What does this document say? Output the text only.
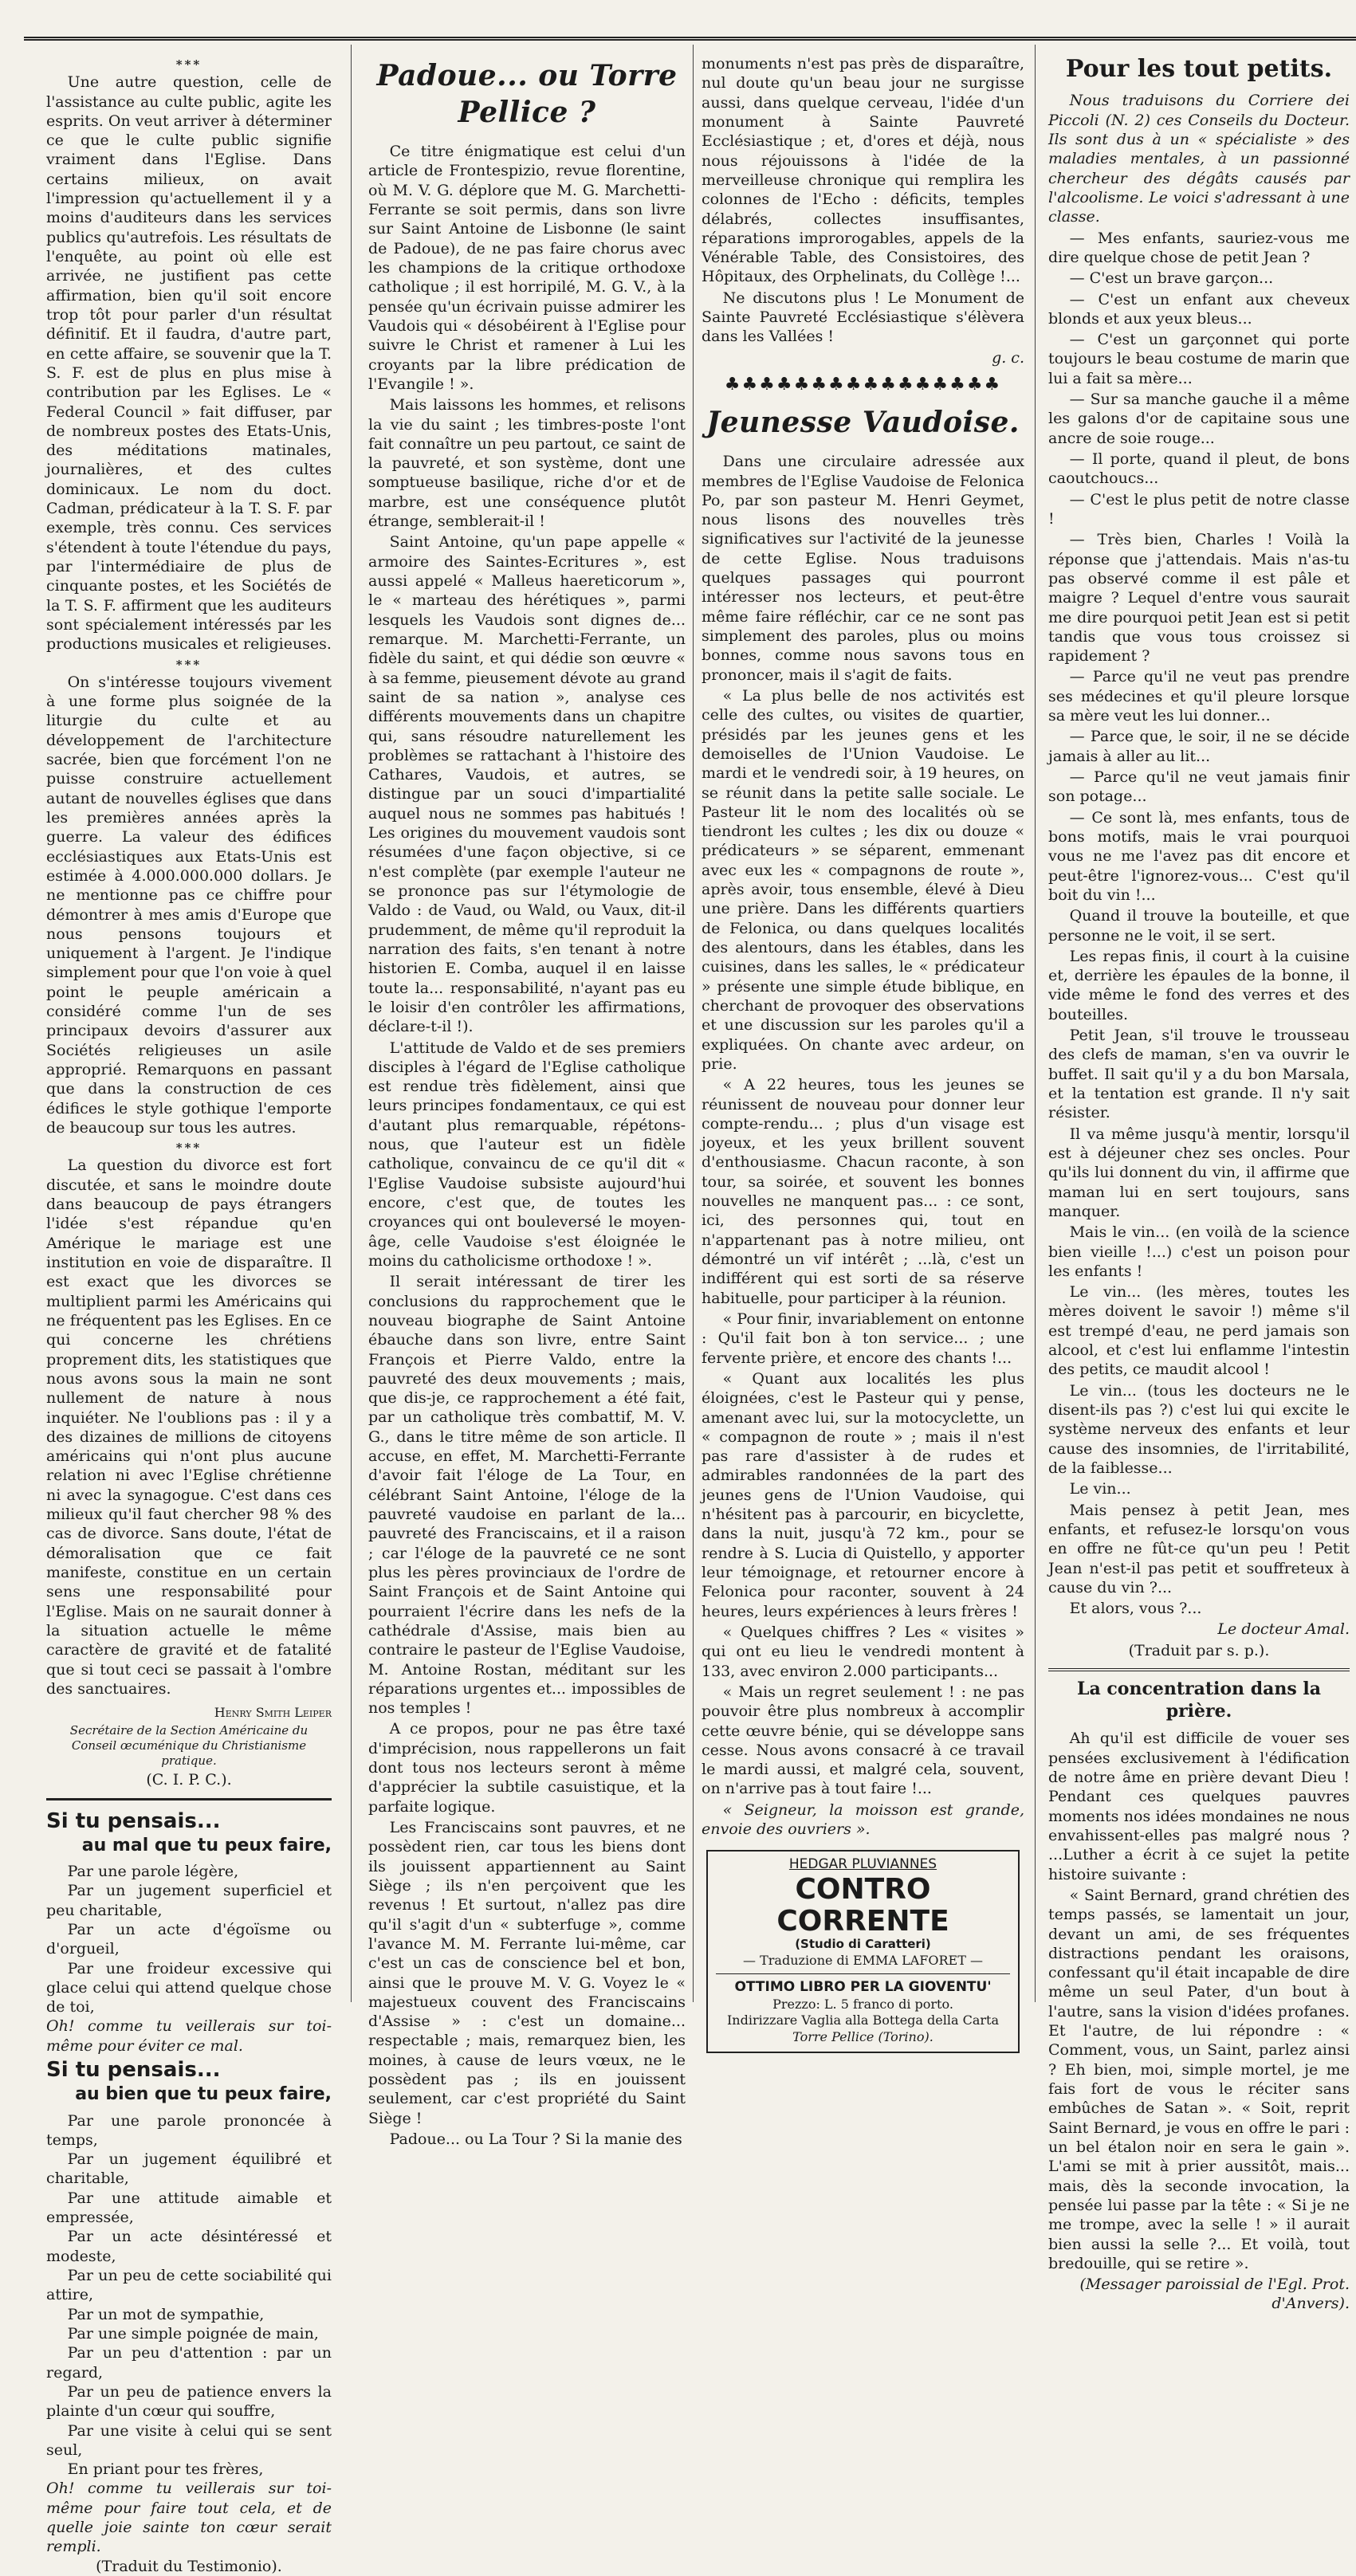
***

Une autre question, celle de l'assistance au culte public, agite les esprits. On veut arriver à déterminer ce que le culte public signifie vraiment dans l'Eglise. Dans certains milieux, on avait l'impression qu'actuellement il y a moins d'auditeurs dans les services publics qu'autrefois. Les résultats de l'enquête, au point où elle est arrivée, ne justifient pas cette affirmation, bien qu'il soit encore trop tôt pour parler d'un résultat définitif. Et il faudra, d'autre part, en cette affaire, se souvenir que la T. S. F. est de plus en plus mise à contribution par les Eglises. Le « Federal Council » fait diffuser, par de nombreux postes des Etats-Unis, des méditations matinales, journalières, et des cultes dominicaux. Le nom du doct. Cadman, prédicateur à la T. S. F. par exemple, très connu. Ces services s'étendent à toute l'étendue du pays, par l'intermédiaire de plus de cinquante postes, et les Sociétés de la T. S. F. affirment que les auditeurs sont spécialement intéressés par les productions musicales et religieuses.

***

On s'intéresse toujours vivement à une forme plus soignée de la liturgie du culte et au développement de l'architecture sacrée, bien que forcément l'on ne puisse construire actuellement autant de nouvelles églises que dans les premières années après la guerre. La valeur des édifices ecclésiastiques aux Etats-Unis est estimée à 4.000.000.000 dollars. Je ne mentionne pas ce chiffre pour démontrer à mes amis d'Europe que nous pensons toujours et uniquement à l'argent. Je l'indique simplement pour que l'on voie à quel point le peuple américain a considéré comme l'un de ses principaux devoirs d'assurer aux Sociétés religieuses un asile approprié. Remarquons en passant que dans la construction de ces édifices le style gothique l'emporte de beaucoup sur tous les autres.

***

La question du divorce est fort discutée, et sans le moindre doute dans beaucoup de pays étrangers l'idée s'est répandue qu'en Amérique le mariage est une institution en voie de disparaître. Il est exact que les divorces se multiplient parmi les Américains qui ne fréquentent pas les Eglises. En ce qui concerne les chrétiens proprement dits, les statistiques que nous avons sous la main ne sont nullement de nature à nous inquiéter. Ne l'oublions pas : il y a des dizaines de millions de citoyens américains qui n'ont plus aucune relation ni avec l'Eglise chrétienne ni avec la synagogue. C'est dans ces milieux qu'il faut chercher 98 % des cas de divorce. Sans doute, l'état de démoralisation que ce fait manifeste, constitue en un certain sens une responsabilité pour l'Eglise. Mais on ne saurait donner à la situation actuelle le même caractère de gravité et de fatalité que si tout ceci se passait à l'ombre des sanctuaires.

Henry Smith Leiper

Secrétaire de la Section Américaine du Conseil œcuménique du Christianisme pratique.

(C. I. P. C.).

Si tu pensais...

au mal que tu peux faire,

Par une parole légère,
Par un jugement superficiel et peu charitable,
Par un acte d'égoïsme ou d'orgueil,
Par une froideur excessive qui glace celui qui attend quelque chose de toi,
Oh! comme tu veillerais sur toi-même pour éviter ce mal.

Si tu pensais...

au bien que tu peux faire,

Par une parole prononcée à temps,
Par un jugement équilibré et charitable,
Par une attitude aimable et empressée,
Par un acte désintéressé et modeste,
Par un peu de cette sociabilité qui attire,
Par un mot de sympathie,
Par une simple poignée de main,
Par un peu d'attention : par un regard,
Par un peu de patience envers la plainte d'un cœur qui souffre,
Par une visite à celui qui se sent seul,
En priant pour tes frères,
Oh! comme tu veillerais sur toi-même pour faire tout cela, et de quelle joie sainte ton cœur serait rempli.

(Traduit du Testimonio).

Padoue... ou Torre Pellice ?

Ce titre énigmatique est celui d'un article de Frontespizio, revue florentine, où M. V. G. déplore que M. G. Marchetti-Ferrante se soit permis, dans son livre sur Saint Antoine de Lisbonne (le saint de Padoue), de ne pas faire chorus avec les champions de la critique orthodoxe catholique ; il est horripilé, M. G. V., à la pensée qu'un écrivain puisse admirer les Vaudois qui « désobéirent à l'Eglise pour suivre le Christ et ramener à Lui les croyants par la libre prédication de l'Evangile ! ».

Mais laissons les hommes, et relisons la vie du saint ; les timbres-poste l'ont fait connaître un peu partout, ce saint de la pauvreté, et son système, dont une somptueuse basilique, riche d'or et de marbre, est une conséquence plutôt étrange, semblerait-il !

Saint Antoine, qu'un pape appelle « armoire des Saintes-Ecritures », est aussi appelé « Malleus haereticorum », le « marteau des hérétiques », parmi lesquels les Vaudois sont dignes de... remarque. M. Marchetti-Ferrante, un fidèle du saint, et qui dédie son œuvre « à sa femme, pieusement dévote au grand saint de sa nation », analyse ces différents mouvements dans un chapitre qui, sans résoudre naturellement les problèmes se rattachant à l'histoire des Cathares, Vaudois, et autres, se distingue par un souci d'impartialité auquel nous ne sommes pas habitués ! Les origines du mouvement vaudois sont résumées d'une façon objective, si ce n'est complète (par exemple l'auteur ne se prononce pas sur l'étymologie de Valdo : de Vaud, ou Wald, ou Vaux, dit-il prudemment, de même qu'il reproduit la narration des faits, s'en tenant à notre historien E. Comba, auquel il en laisse toute la... responsabilité, n'ayant pas eu le loisir d'en contrôler les affirmations, déclare-t-il !).

L'attitude de Valdo et de ses premiers disciples à l'égard de l'Eglise catholique est rendue très fidèlement, ainsi que leurs principes fondamentaux, ce qui est d'autant plus remarquable, répétons-nous, que l'auteur est un fidèle catholique, convaincu de ce qu'il dit « l'Eglise Vaudoise subsiste aujourd'hui encore, c'est que, de toutes les croyances qui ont bouleversé le moyen-âge, celle Vaudoise s'est éloignée le moins du catholicisme orthodoxe ! ».

Il serait intéressant de tirer les conclusions du rapprochement que le nouveau biographe de Saint Antoine ébauche dans son livre, entre Saint François et Pierre Valdo, entre la pauvreté des deux mouvements ; mais, que dis-je, ce rapprochement a été fait, par un catholique très combattif, M. V. G., dans le titre même de son article. Il accuse, en effet, M. Marchetti-Ferrante d'avoir fait l'éloge de La Tour, en célébrant Saint Antoine, l'éloge de la pauvreté vaudoise en parlant de la... pauvreté des Franciscains, et il a raison ; car l'éloge de la pauvreté ce ne sont plus les pères provinciaux de l'ordre de Saint François et de Saint Antoine qui pourraient l'écrire dans les nefs de la cathédrale d'Assise, mais bien au contraire le pasteur de l'Eglise Vaudoise, M. Antoine Rostan, méditant sur les réparations urgentes et... impossibles de nos temples !

A ce propos, pour ne pas être taxé d'imprécision, nous rappellerons un fait dont tous nos lecteurs seront à même d'apprécier la subtile casuistique, et la parfaite logique.

Les Franciscains sont pauvres, et ne possèdent rien, car tous les biens dont ils jouissent appartiennent au Saint Siège ; ils n'en perçoivent que les revenus ! Et surtout, n'allez pas dire qu'il s'agit d'un « subterfuge », comme l'avance M. M. Ferrante lui-même, car c'est un cas de conscience bel et bon, ainsi que le prouve M. V. G. Voyez le « majestueux couvent des Franciscains d'Assise » : c'est un domaine... respectable ; mais, remarquez bien, les moines, à cause de leurs vœux, ne le possèdent pas ; ils en jouissent seulement, car c'est propriété du Saint Siège !

Padoue... ou La Tour ? Si la manie des

monuments n'est pas près de disparaître, nul doute qu'un beau jour ne surgisse aussi, dans quelque cerveau, l'idée d'un monument à Sainte Pauvreté Ecclésiastique ; et, d'ores et déjà, nous nous réjouissons à l'idée de la merveilleuse chronique qui remplira les colonnes de l'Echo : déficits, temples délabrés, collectes insuffisantes, réparations improrogables, appels de la Vénérable Table, des Consistoires, des Hôpitaux, des Orphelinats, du Collège !...

Ne discutons plus ! Le Monument de Sainte Pauvreté Ecclésiastique s'élèvera dans les Vallées !

g. c.

♣♣♣♣♣♣♣♣♣♣♣♣♣♣♣♣

Jeunesse Vaudoise.

Dans une circulaire adressée aux membres de l'Eglise Vaudoise de Felonica Po, par son pasteur M. Henri Geymet, nous lisons des nouvelles très significatives sur l'activité de la jeunesse de cette Eglise. Nous traduisons quelques passages qui pourront intéresser nos lecteurs, et peut-être même faire réfléchir, car ce ne sont pas simplement des paroles, plus ou moins bonnes, comme nous savons tous en prononcer, mais il s'agit de faits.

« La plus belle de nos activités est celle des cultes, ou visites de quartier, présidés par les jeunes gens et les demoiselles de l'Union Vaudoise. Le mardi et le vendredi soir, à 19 heures, on se réunit dans la petite salle sociale. Le Pasteur lit le nom des localités où se tiendront les cultes ; les dix ou douze « prédicateurs » se séparent, emmenant avec eux les « compagnons de route », après avoir, tous ensemble, élevé à Dieu une prière. Dans les différents quartiers de Felonica, ou dans quelques localités des alentours, dans les étables, dans les cuisines, dans les salles, le « prédicateur » présente une simple étude biblique, en cherchant de provoquer des observations et une discussion sur les paroles qu'il a expliquées. On chante avec ardeur, on prie.

« A 22 heures, tous les jeunes se réunissent de nouveau pour donner leur compte-rendu... ; plus d'un visage est joyeux, et les yeux brillent souvent d'enthousiasme. Chacun raconte, à son tour, sa soirée, et souvent les bonnes nouvelles ne manquent pas... : ce sont, ici, des personnes qui, tout en n'appartenant pas à notre milieu, ont démontré un vif intérêt ; ...là, c'est un indifférent qui est sorti de sa réserve habituelle, pour participer à la réunion.

« Pour finir, invariablement on entonne : Qu'il fait bon à ton service... ; une fervente prière, et encore des chants !...

« Quant aux localités les plus éloignées, c'est le Pasteur qui y pense, amenant avec lui, sur la motocyclette, un « compagnon de route » ; mais il n'est pas rare d'assister à de rudes et admirables randonnées de la part des jeunes gens de l'Union Vaudoise, qui n'hésitent pas à parcourir, en bicyclette, dans la nuit, jusqu'à 72 km., pour se rendre à S. Lucia di Quistello, y apporter leur témoignage, et retourner encore à Felonica pour raconter, souvent à 24 heures, leurs expériences à leurs frères !

« Quelques chiffres ? Les « visites » qui ont eu lieu le vendredi montent à 133, avec environ 2.000 participants...

« Mais un regret seulement ! : ne pas pouvoir être plus nombreux à accomplir cette œuvre bénie, qui se développe sans cesse. Nous avons consacré à ce travail le mardi aussi, et malgré cela, souvent, on n'arrive pas à tout faire !...

« Seigneur, la moisson est grande, envoie des ouvriers ».

HEDGAR PLUVIANNES
CONTRO CORRENTE
(Studio di Caratteri)
— Traduzione di EMMA LAFORET —
OTTIMO LIBRO PER LA GIOVENTU'
Prezzo: L. 5 franco di porto.
Indirizzare Vaglia alla Bottega della Carta
Torre Pellice (Torino).

Pour les tout petits.

Nous traduisons du Corriere dei Piccoli (N. 2) ces Conseils du Docteur. Ils sont dus à un « spécialiste » des maladies mentales, à un passionné chercheur des dégâts causés par l'alcoolisme. Le voici s'adressant à une classe.

— Mes enfants, sauriez-vous me dire quelque chose de petit Jean ?

— C'est un brave garçon...

— C'est un enfant aux cheveux blonds et aux yeux bleus...

— C'est un garçonnet qui porte toujours le beau costume de marin que lui a fait sa mère...

— Sur sa manche gauche il a même les galons d'or de capitaine sous une ancre de soie rouge...

— Il porte, quand il pleut, de bons caoutchoucs...

— C'est le plus petit de notre classe !

— Très bien, Charles ! Voilà la réponse que j'attendais. Mais n'as-tu pas observé comme il est pâle et maigre ? Lequel d'entre vous saurait me dire pourquoi petit Jean est si petit tandis que vous tous croissez si rapidement ?

— Parce qu'il ne veut pas prendre ses médecines et qu'il pleure lorsque sa mère veut les lui donner...

— Parce que, le soir, il ne se décide jamais à aller au lit...

— Parce qu'il ne veut jamais finir son potage...

— Ce sont là, mes enfants, tous de bons motifs, mais le vrai pourquoi vous ne me l'avez pas dit encore et peut-être l'ignorez-vous... C'est qu'il boit du vin !...

Quand il trouve la bouteille, et que personne ne le voit, il se sert.

Les repas finis, il court à la cuisine et, derrière les épaules de la bonne, il vide même le fond des verres et des bouteilles.

Petit Jean, s'il trouve le trousseau des clefs de maman, s'en va ouvrir le buffet. Il sait qu'il y a du bon Marsala, et la tentation est grande. Il n'y sait résister.

Il va même jusqu'à mentir, lorsqu'il est à déjeuner chez ses oncles. Pour qu'ils lui donnent du vin, il affirme que maman lui en sert toujours, sans manquer.

Mais le vin... (en voilà de la science bien vieille !...) c'est un poison pour les enfants !

Le vin... (les mères, toutes les mères doivent le savoir !) même s'il est trempé d'eau, ne perd jamais son alcool, et c'est lui enflamme l'intestin des petits, ce maudit alcool !

Le vin... (tous les docteurs ne le disent-ils pas ?) c'est lui qui excite le système nerveux des enfants et leur cause des insomnies, de l'irritabilité, de la faiblesse...

Le vin...

Mais pensez à petit Jean, mes enfants, et refusez-le lorsqu'on vous en offre ne fût-ce qu'un peu ! Petit Jean n'est-il pas petit et souffreteux à cause du vin ?...

Et alors, vous ?...

Le docteur Amal.

(Traduit par s. p.).

La concentration dans la prière.

Ah qu'il est difficile de vouer ses pensées exclusivement à l'édification de notre âme en prière devant Dieu ! Pendant ces quelques pauvres moments nos idées mondaines ne nous envahissent-elles pas malgré nous ? ...Luther a écrit à ce sujet la petite histoire suivante :

« Saint Bernard, grand chrétien des temps passés, se lamentait un jour, devant un ami, de ses fréquentes distractions pendant les oraisons, confessant qu'il était incapable de dire même un seul Pater, d'un bout à l'autre, sans la vision d'idées profanes. Et l'autre, de lui répondre : « Comment, vous, un Saint, parlez ainsi ? Eh bien, moi, simple mortel, je me fais fort de vous le réciter sans embûches de Satan ». « Soit, reprit Saint Bernard, je vous en offre le pari : un bel étalon noir en sera le gain ». L'ami se mit à prier aussitôt, mais... mais, dès la seconde invocation, la pensée lui passe par la tête : « Si je ne me trompe, avec la selle ! » il aurait bien aussi la selle ?... Et voilà, tout bredouille, qui se retire ».

(Messager paroissial de l'Egl. Prot. d'Anvers).
